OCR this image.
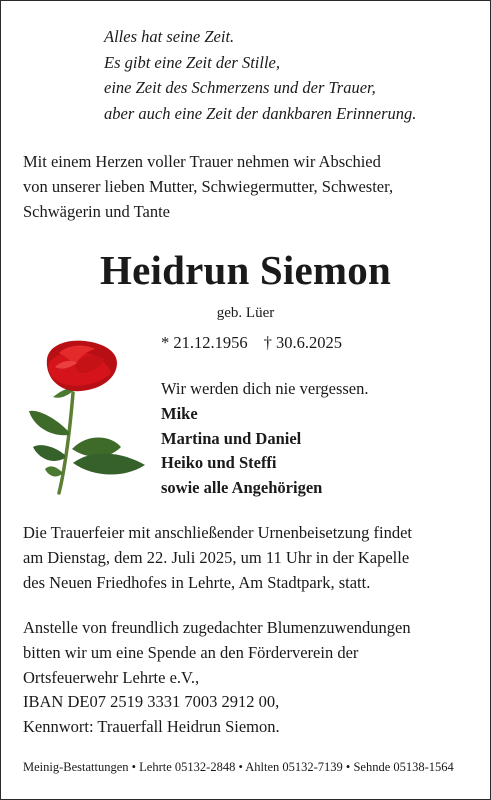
Alles hat seine Zeit.
Es gibt eine Zeit der Stille,
eine Zeit des Schmerzens und der Trauer,
aber auch eine Zeit der dankbaren Erinnerung.
Mit einem Herzen voller Trauer nehmen wir Abschied
von unserer lieben Mutter, Schwiegermutter, Schwester,
Schwägerin und Tante
Heidrun Siemon
geb. Lüer
* 21.12.1956 † 30.6.2025
Wir werden dich nie vergessen.
Mike
Martina und Daniel
Heiko und Steffi
sowie alle Angehörigen
Die Trauerfeier mit anschließender Urnenbeisetzung findet
am Dienstag, dem 22. Juli 2025, um 11 Uhr in der Kapelle
des Neuen Friedhofes in Lehrte, Am Stadtpark, statt.
Anstelle von freundlich zugedachter Blumenzuwendungen
bitten wir um eine Spende an den Förderverein der
Ortsfeuerwehr Lehrte e.V.,
IBAN DE07 2519 3331 7003 2912 00,
Kennwort: Trauerfall Heidrun Siemon.
Meinig-Bestattungen • Lehrte 05132-2848 • Ahlten 05132-7139 • Sehnde 05138-1564
